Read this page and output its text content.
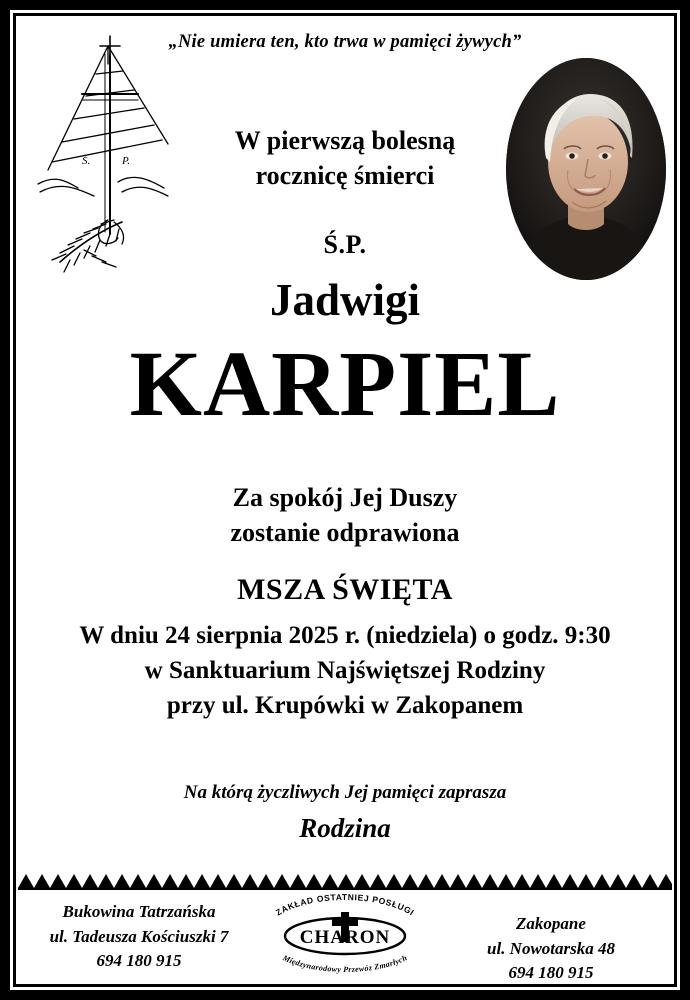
„Nie umiera ten, kto trwa w pamięci żywych”
Ś.	P.
W pierwszą bolesną
rocznicę śmierci
Ś.P.
Jadwigi
KARPIEL
Za spokój Jej Duszy
zostanie odprawiona
MSZA ŚWIĘTA
W dniu 24 sierpnia 2025 r. (niedziela) o godz. 9:30
w Sanktuarium Najświętszej Rodziny
przy ul. Krupówki w Zakopanem
Na którą życzliwych Jej pamięci zaprasza
Rodzina
Bukowina Tatrzańska
ul. Tadeusza Kościuszki 7
694 180 915
ZAKŁAD OSTATNIEJ POSŁUGI
Międzynarodowy Przewóz Zmarłych
CHARON
Zakopane
ul. Nowotarska 48
694 180 915
